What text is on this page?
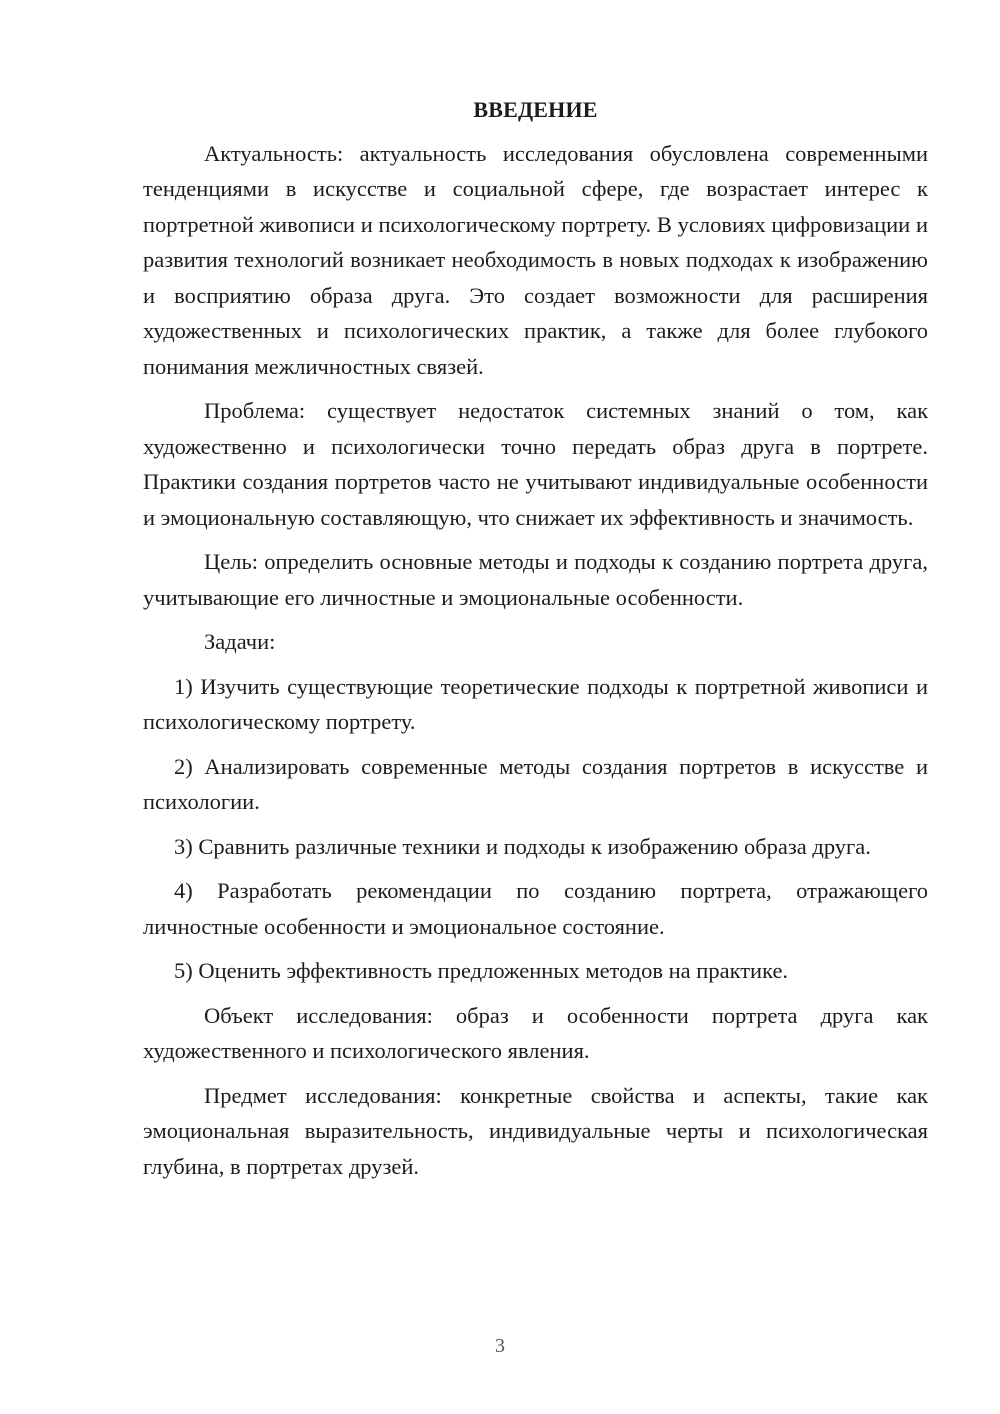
ВВЕДЕНИЕ

Актуальность: актуальность исследования обусловлена современными тенденциями в искусстве и социальной сфере, где возрастает интерес к портретной живописи и психологическому портрету. В условиях цифровизации и развития технологий возникает необходимость в новых подходах к изображению и восприятию образа друга. Это создает возможности для расширения художественных и психологических практик, а также для более глубокого понимания межличностных связей.

Проблема: существует недостаток системных знаний о том, как художественно и психологически точно передать образ друга в портрете. Практики создания портретов часто не учитывают индивидуальные особенности и эмоциональную составляющую, что снижает их эффективность и значимость.

Цель: определить основные методы и подходы к созданию портрета друга, учитывающие его личностные и эмоциональные особенности.

Задачи:

1) Изучить существующие теоретические подходы к портретной живописи и психологическому портрету.

2) Анализировать современные методы создания портретов в искусстве и психологии.

3) Сравнить различные техники и подходы к изображению образа друга.

4) Разработать рекомендации по созданию портрета, отражающего личностные особенности и эмоциональное состояние.

5) Оценить эффективность предложенных методов на практике.

Объект исследования: образ и особенности портрета друга как художественного и психологического явления.

Предмет исследования: конкретные свойства и аспекты, такие как эмоциональная выразительность, индивидуальные черты и психологическая глубина, в портретах друзей.

3
